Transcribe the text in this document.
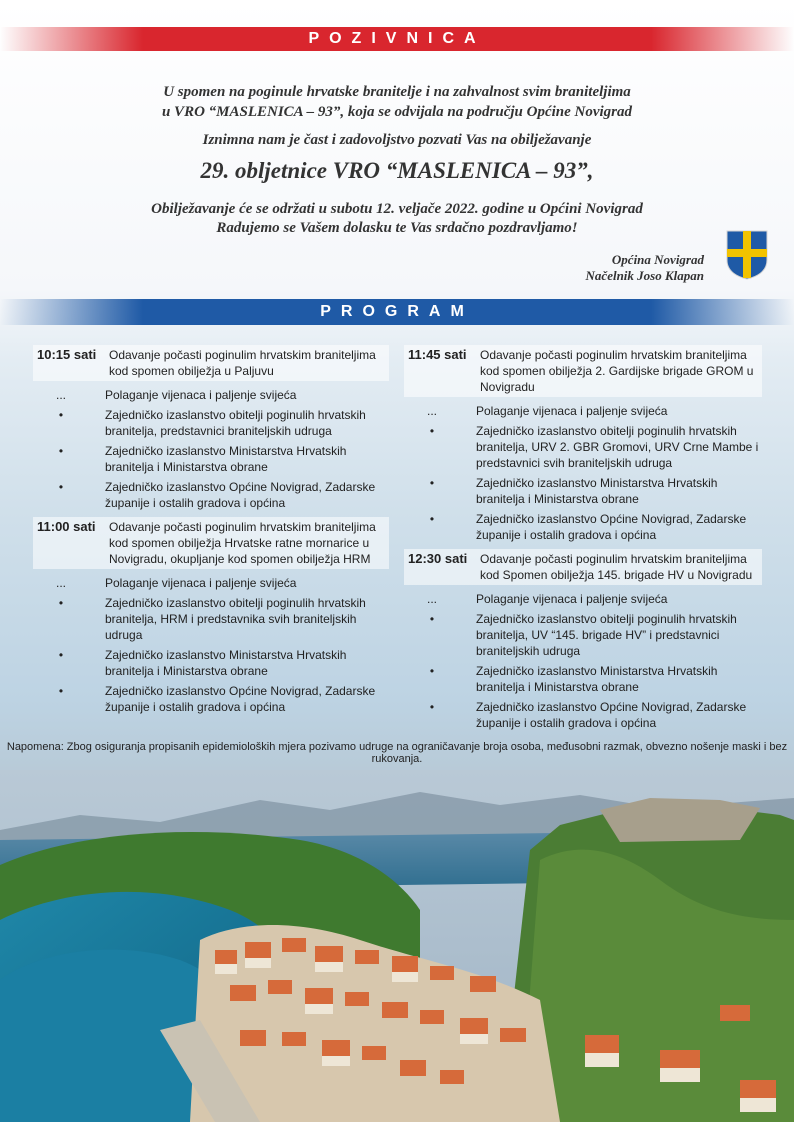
POZIVNICA
U spomen na poginule hrvatske branitelje i na zahvalnost svim braniteljima
u VRO “MASLENICA – 93”, koja se odvijala na području Općine Novigrad
Iznimna nam je čast i zadovoljstvo pozvati Vas na obilježavanje
29. obljetnice VRO “MASLENICA – 93”,
Obilježavanje će se održati u subotu 12. veljače 2022. godine u Općini Novigrad
Radujemo se Vašem dolasku te Vas srdačno pozdravljamo!
Općina Novigrad
Načelnik Joso Klapan
PROGRAM
10:15 sati	Odavanje počasti poginulim hrvatskim braniteljima kod spomen obilježja u Paljuvu
...	Polaganje vijenaca i paljenje svijeća
•	Zajedničko izaslanstvo obitelji poginulih hrvatskih branitelja, predstavnici braniteljskih udruga
•	Zajedničko izaslanstvo Ministarstva Hrvatskih branitelja i Ministarstva obrane
•	Zajedničko izaslanstvo Općine Novigrad, Zadarske županije i ostalih gradova i općina
11:00 sati	Odavanje počasti poginulim hrvatskim braniteljima kod spomen obilježja Hrvatske ratne mornarice u Novigradu, okupljanje kod spomen obilježja HRM
...	Polaganje vijenaca i paljenje svijeća
•	Zajedničko izaslanstvo obitelji poginulih hrvatskih branitelja, HRM i predstavnika svih braniteljskih udruga
•	Zajedničko izaslanstvo Ministarstva Hrvatskih branitelja i Ministarstva obrane
•	Zajedničko izaslanstvo Općine Novigrad, Zadarske županije i ostalih gradova i općina
11:45 sati	Odavanje počasti poginulim hrvatskim braniteljima kod spomen obilježja 2. Gardijske brigade GROM u Novigradu
...	Polaganje vijenaca i paljenje svijeća
•	Zajedničko izaslanstvo obitelji poginulih hrvatskih branitelja, URV 2. GBR Gromovi, URV Crne Mambe i predstavnici svih braniteljskih udruga
•	Zajedničko izaslanstvo Ministarstva Hrvatskih branitelja i Ministarstva obrane
•	Zajedničko izaslanstvo Općine Novigrad, Zadarske županije i ostalih gradova i općina
12:30 sati	Odavanje počasti poginulim hrvatskim braniteljima kod Spomen obilježja 145. brigade HV u Novigradu
...	Polaganje vijenaca i paljenje svijeća
•	Zajedničko izaslanstvo obitelji poginulih hrvatskih branitelja, UV “145. brigade HV” i predstavnici braniteljskih udruga
•	Zajedničko izaslanstvo Ministarstva Hrvatskih branitelja i Ministarstva obrane
•	Zajedničko izaslanstvo Općine Novigrad, Zadarske županije i ostalih gradova i općina
Napomena: Zbog osiguranja propisanih epidemioloških mjera pozivamo udruge na ograničavanje broja osoba, međusobni razmak, obvezno nošenje maski i bez rukovanja.
